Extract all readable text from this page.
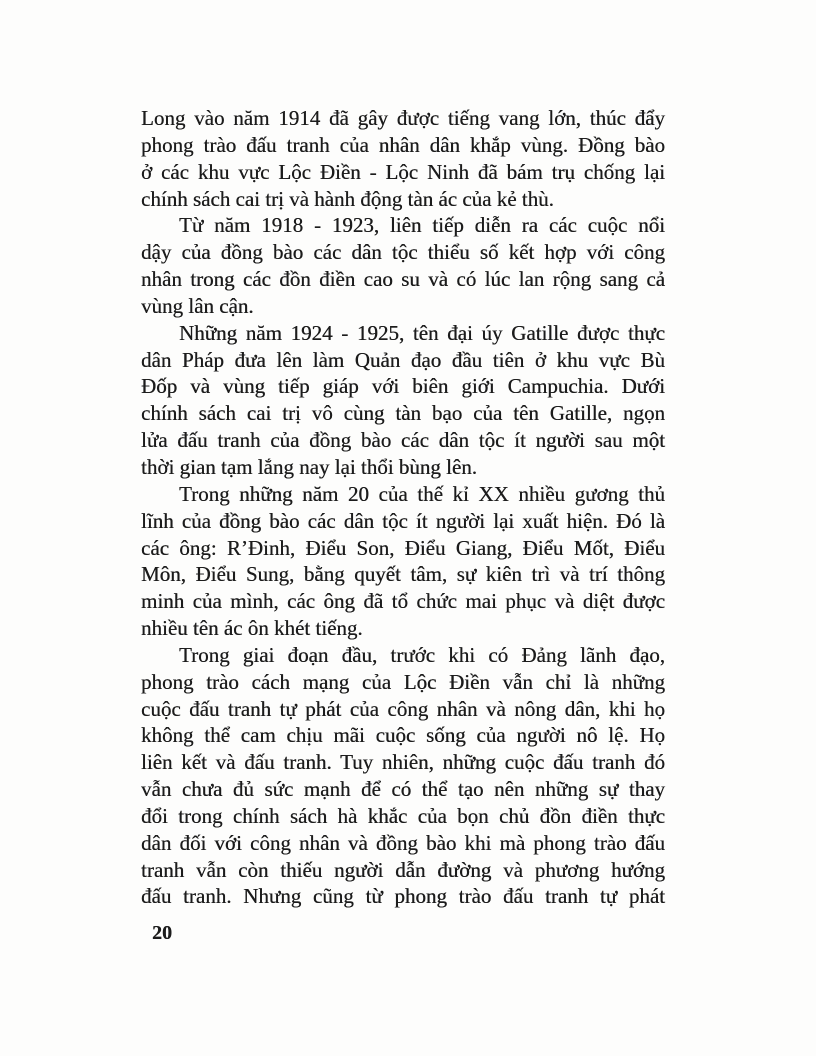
Long vào năm 1914 đã gây được tiếng vang lớn, thúc đẩy
phong trào đấu tranh của nhân dân khắp vùng. Đồng bào
ở các khu vực Lộc Điền - Lộc Ninh đã bám trụ chống lại
chính sách cai trị và hành động tàn ác của kẻ thù.
Từ năm 1918 - 1923, liên tiếp diễn ra các cuộc nổi
dậy của đồng bào các dân tộc thiểu số kết hợp với công
nhân trong các đồn điền cao su và có lúc lan rộng sang cả
vùng lân cận.
Những năm 1924 - 1925, tên đại úy Gatille được thực
dân Pháp đưa lên làm Quản đạo đầu tiên ở khu vực Bù
Đốp và vùng tiếp giáp với biên giới Campuchia. Dưới
chính sách cai trị vô cùng tàn bạo của tên Gatille, ngọn
lửa đấu tranh của đồng bào các dân tộc ít người sau một
thời gian tạm lắng nay lại thổi bùng lên.
Trong những năm 20 của thế kỉ XX nhiều gương thủ
lĩnh của đồng bào các dân tộc ít người lại xuất hiện. Đó là
các ông: R’Đinh, Điểu Son, Điểu Giang, Điểu Mốt, Điểu
Môn, Điểu Sung, bằng quyết tâm, sự kiên trì và trí thông
minh của mình, các ông đã tổ chức mai phục và diệt được
nhiều tên ác ôn khét tiếng.
Trong giai đoạn đầu, trước khi có Đảng lãnh đạo,
phong trào cách mạng của Lộc Điền vẫn chỉ là những
cuộc đấu tranh tự phát của công nhân và nông dân, khi họ
không thể cam chịu mãi cuộc sống của người nô lệ. Họ
liên kết và đấu tranh. Tuy nhiên, những cuộc đấu tranh đó
vẫn chưa đủ sức mạnh để có thể tạo nên những sự thay
đổi trong chính sách hà khắc của bọn chủ đồn điền thực
dân đối với công nhân và đồng bào khi mà phong trào đấu
tranh vẫn còn thiếu người dẫn đường và phương hướng
đấu tranh. Nhưng cũng từ phong trào đấu tranh tự phát
20
